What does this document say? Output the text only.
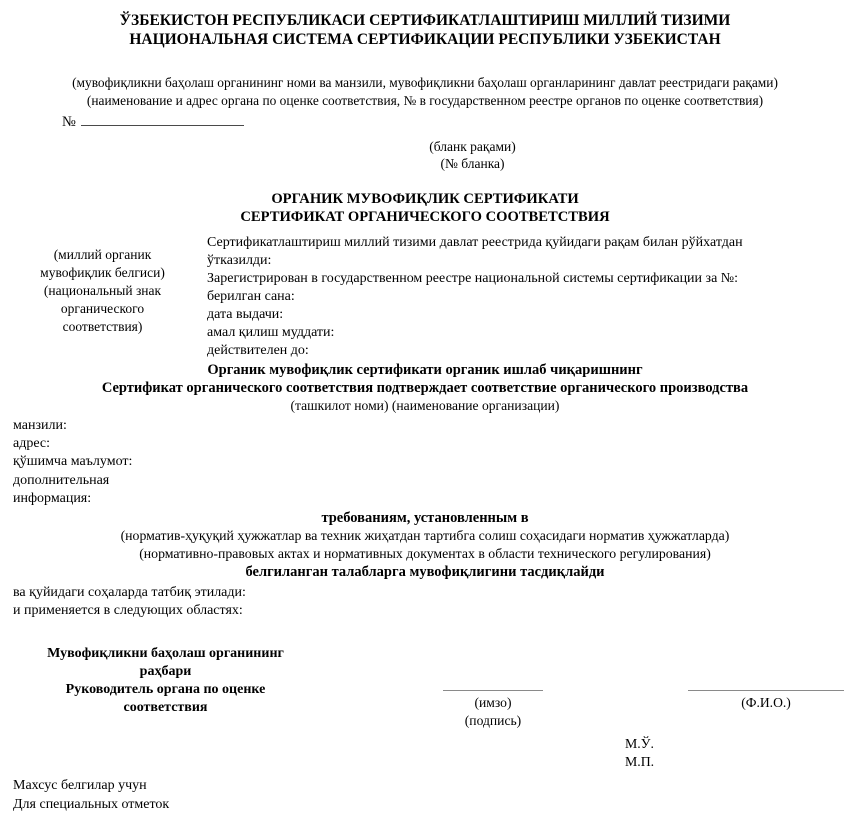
ЎЗБЕКИСТОН РЕСПУБЛИКАСИ СЕРТИФИКАТЛАШТИРИШ МИЛЛИЙ ТИЗИМИ
НАЦИОНАЛЬНАЯ СИСТЕМА СЕРТИФИКАЦИИ РЕСПУБЛИКИ УЗБЕКИСТАН
(мувофиқликни баҳолаш органининг номи ва манзили, мувофиқликни баҳолаш органларининг давлат реестридаги рақами)
(наименование и адрес органа по оценке соответствия, № в государственном реестре органов по оценке соответствия)
№
(бланк рақами)
(№ бланка)
ОРГАНИК МУВОФИҚЛИК СЕРТИФИКАТИ
СЕРТИФИКАТ ОРГАНИЧЕСКОГО СООТВЕТСТВИЯ
(миллий органик мувофиқлик белгиси)
(национальный знак органического соответствия)
Сертификатлаштириш миллий тизими давлат реестрида қуйидаги рақам билан рўйхатдан
ўтказилди:
Зарегистрирован в государственном реестре национальной системы сертификации за №:
берилган сана:
дата выдачи:
амал қилиш муддати:
действителен до:
Органик мувофиқлик сертификати органик ишлаб чиқаришнинг
Сертификат органического соответствия подтверждает соответствие органического производства
(ташкилот номи) (наименование организации)
манзили:
адрес:
қўшимча маълумот:
дополнительная
информация:
требованиям, установленным в
(норматив-ҳуқуқий ҳужжатлар ва техник жиҳатдан тартибга солиш соҳасидаги норматив ҳужжатларда)
(нормативно-правовых актах и нормативных документах в области технического регулирования)
белгиланган талабларга мувофиқлигини тасдиқлайди
ва қуйидаги соҳаларда татбиқ этилади:
и применяется в следующих областях:
Мувофиқликни баҳолаш органининг раҳбари
Руководитель органа по оценке соответствия	(имзо)
(подпись)
(Ф.И.О.)
М.Ў.
М.П.
Махсус белгилар учун
Для специальных отметок
